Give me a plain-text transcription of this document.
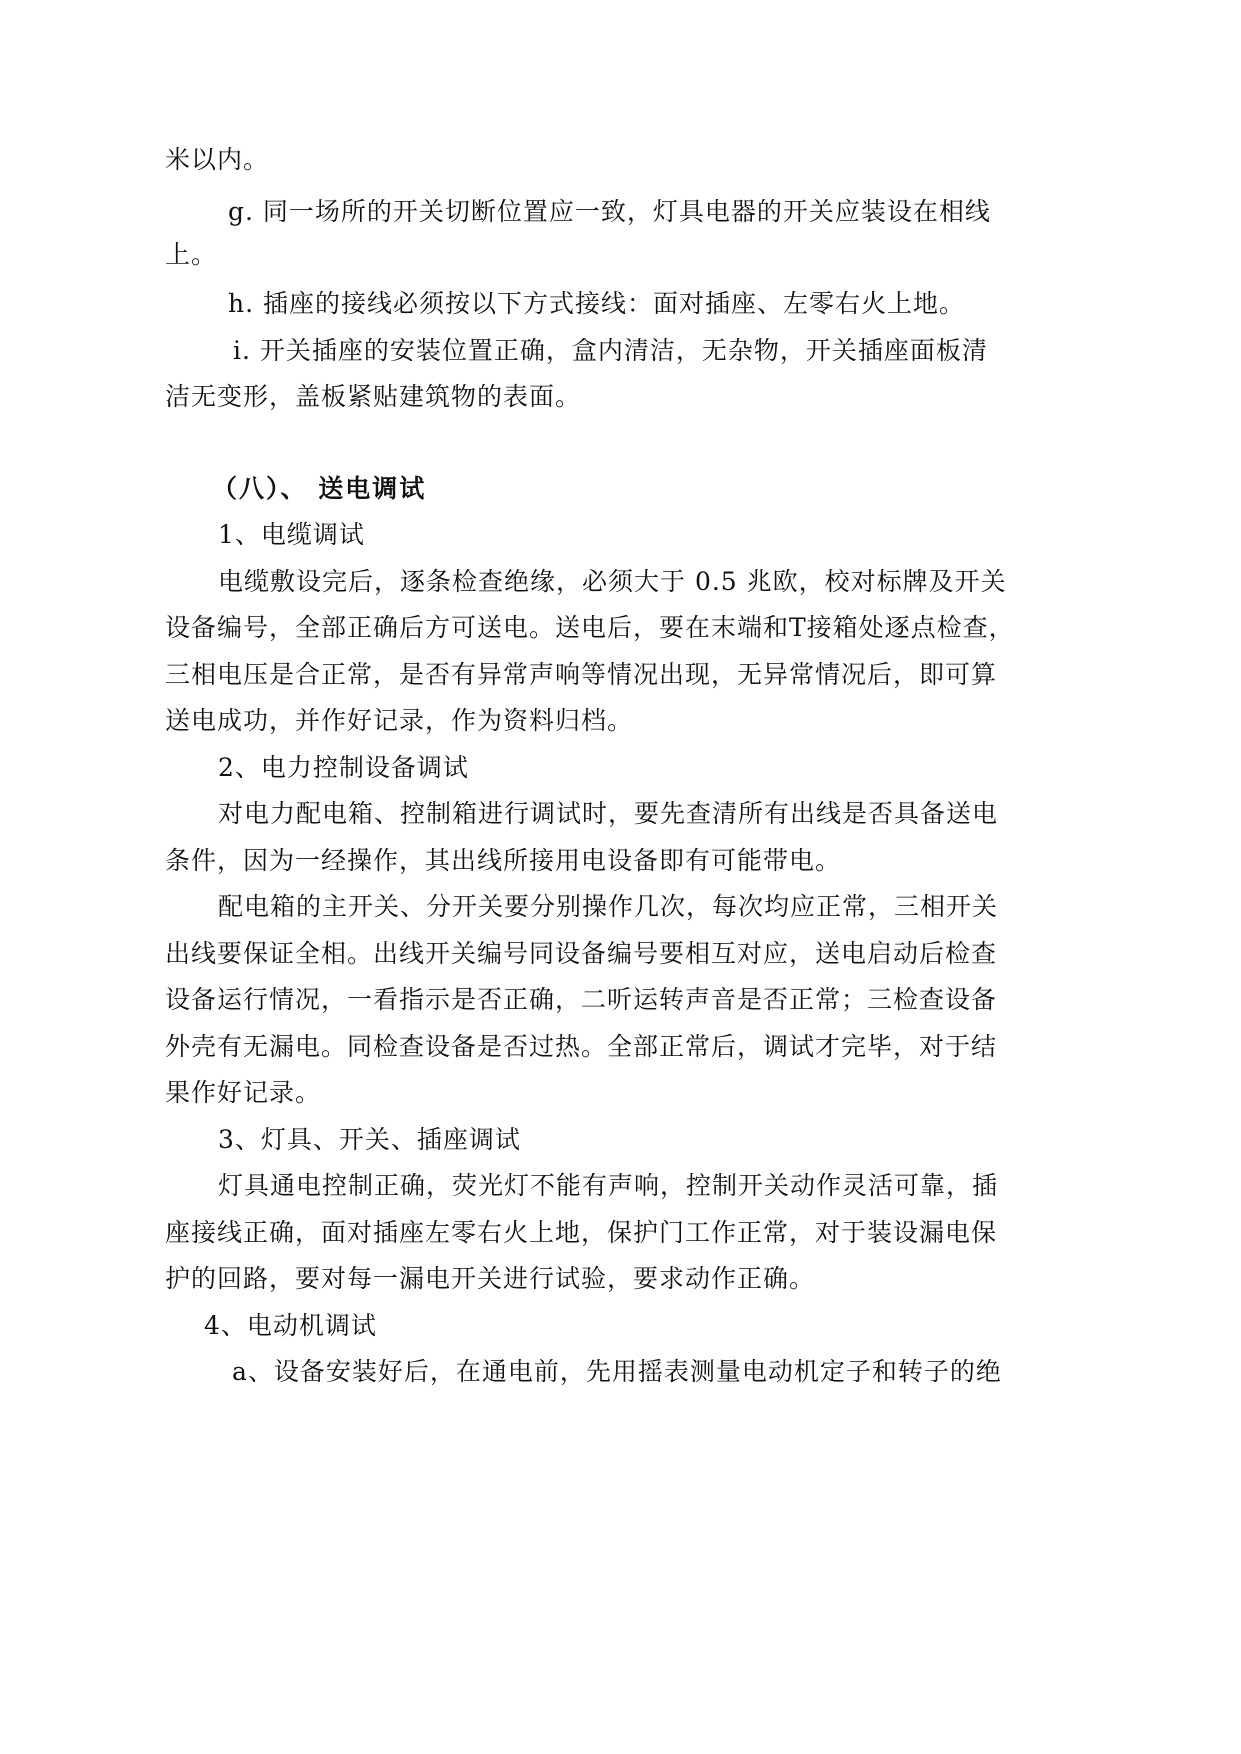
米以内。
g. 同一场所的开关切断位置应一致，灯具电器的开关应装设在相线
上。
h. 插座的接线必须按以下方式接线：面对插座、左零右火上地。
i. 开关插座的安装位置正确，盒内清洁，无杂物，开关插座面板清
洁无变形，盖板紧贴建筑物的表面。
（八）、 送电调试
1、电缆调试
电缆敷设完后，逐条检查绝缘，必须大于 0.5 兆欧，校对标牌及开关
设备编号，全部正确后方可送电。送电后，要在末端和T接箱处逐点检查，
三相电压是合正常，是否有异常声响等情况出现，无异常情况后，即可算
送电成功，并作好记录，作为资料归档。
2、电力控制设备调试
对电力配电箱、控制箱进行调试时，要先查清所有出线是否具备送电
条件，因为一经操作，其出线所接用电设备即有可能带电。
配电箱的主开关、分开关要分别操作几次，每次均应正常，三相开关
出线要保证全相。出线开关编号同设备编号要相互对应，送电启动后检查
设备运行情况，一看指示是否正确，二听运转声音是否正常；三检查设备
外壳有无漏电。同检查设备是否过热。全部正常后，调试才完毕，对于结
果作好记录。
3、灯具、开关、插座调试
灯具通电控制正确，荧光灯不能有声响，控制开关动作灵活可靠，插
座接线正确，面对插座左零右火上地，保护门工作正常，对于装设漏电保
护的回路，要对每一漏电开关进行试验，要求动作正确。
4、电动机调试
a、设备安装好后，在通电前，先用摇表测量电动机定子和转子的绝
